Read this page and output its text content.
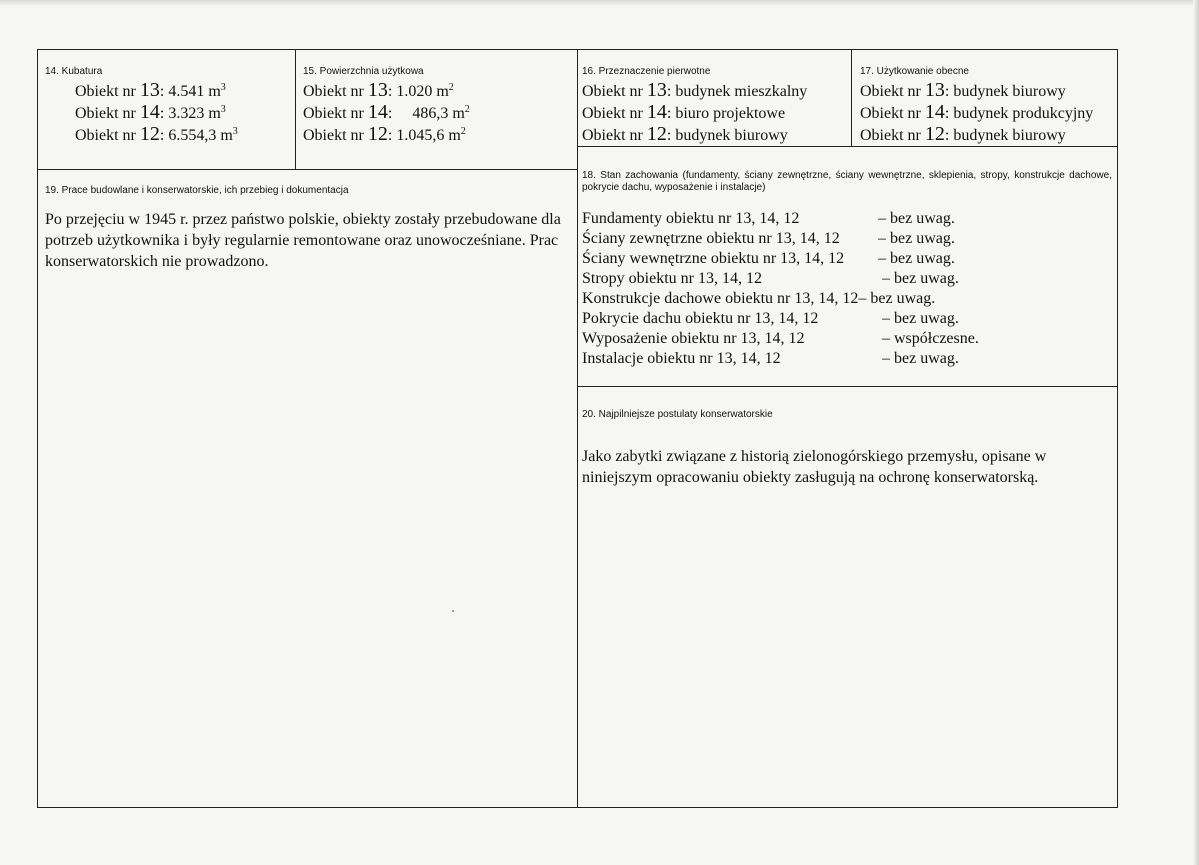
14. Kubatura
Obiekt nr 13: 4.541 $m^3$
Obiekt nr 14: 3.323 $m^3$
Obiekt nr 12: 6.554,3 $m^3$
15. Powierzchnia użytkowa
Obiekt nr 13: 1.020 $m^2$
Obiekt nr 14:     486,3 $m^2$
Obiekt nr 12: 1.045,6 $m^2$
16. Przeznaczenie pierwotne
Obiekt nr 13: budynek mieszkalny
Obiekt nr 14: biuro projektowe
Obiekt nr 12: budynek biurowy
17. Użytkowanie obecne
Obiekt nr 13: budynek biurowy
Obiekt nr 14: budynek produkcyjny
Obiekt nr 12: budynek biurowy
18. Stan zachowania (fundamenty, ściany zewnętrzne, ściany wewnętrzne, sklepienia, stropy, konstrukcje dachowe, pokrycie dachu, wyposażenie i instalacje)
Fundamenty obiektu nr 13, 14, 12	– bez uwag.
Ściany zewnętrzne obiektu nr 13, 14, 12	– bez uwag.
Ściany wewnętrzne obiektu nr 13, 14, 12	– bez uwag.
Stropy obiektu nr 13, 14, 12	– bez uwag.
Konstrukcje dachowe obiektu nr 13, 14, 12 – bez uwag.
Pokrycie dachu obiektu nr 13, 14, 12	– bez uwag.
Wyposażenie obiektu nr 13, 14, 12	– współczesne.
Instalacje obiektu nr 13, 14, 12	– bez uwag.
19. Prace budowlane i konserwatorskie, ich przebieg i dokumentacja
Po przejęciu w 1945 r. przez państwo polskie, obiekty zostały przebudowane dla potrzeb użytkownika i były regularnie remontowane oraz unowocześniane. Prac konserwatorskich nie prowadzono.
20. Najpilniejsze postulaty konserwatorskie
Jako zabytki związane z historią zielonogórskiego przemysłu, opisane w niniejszym opracowaniu obiekty zasługują na ochronę konserwatorską.
